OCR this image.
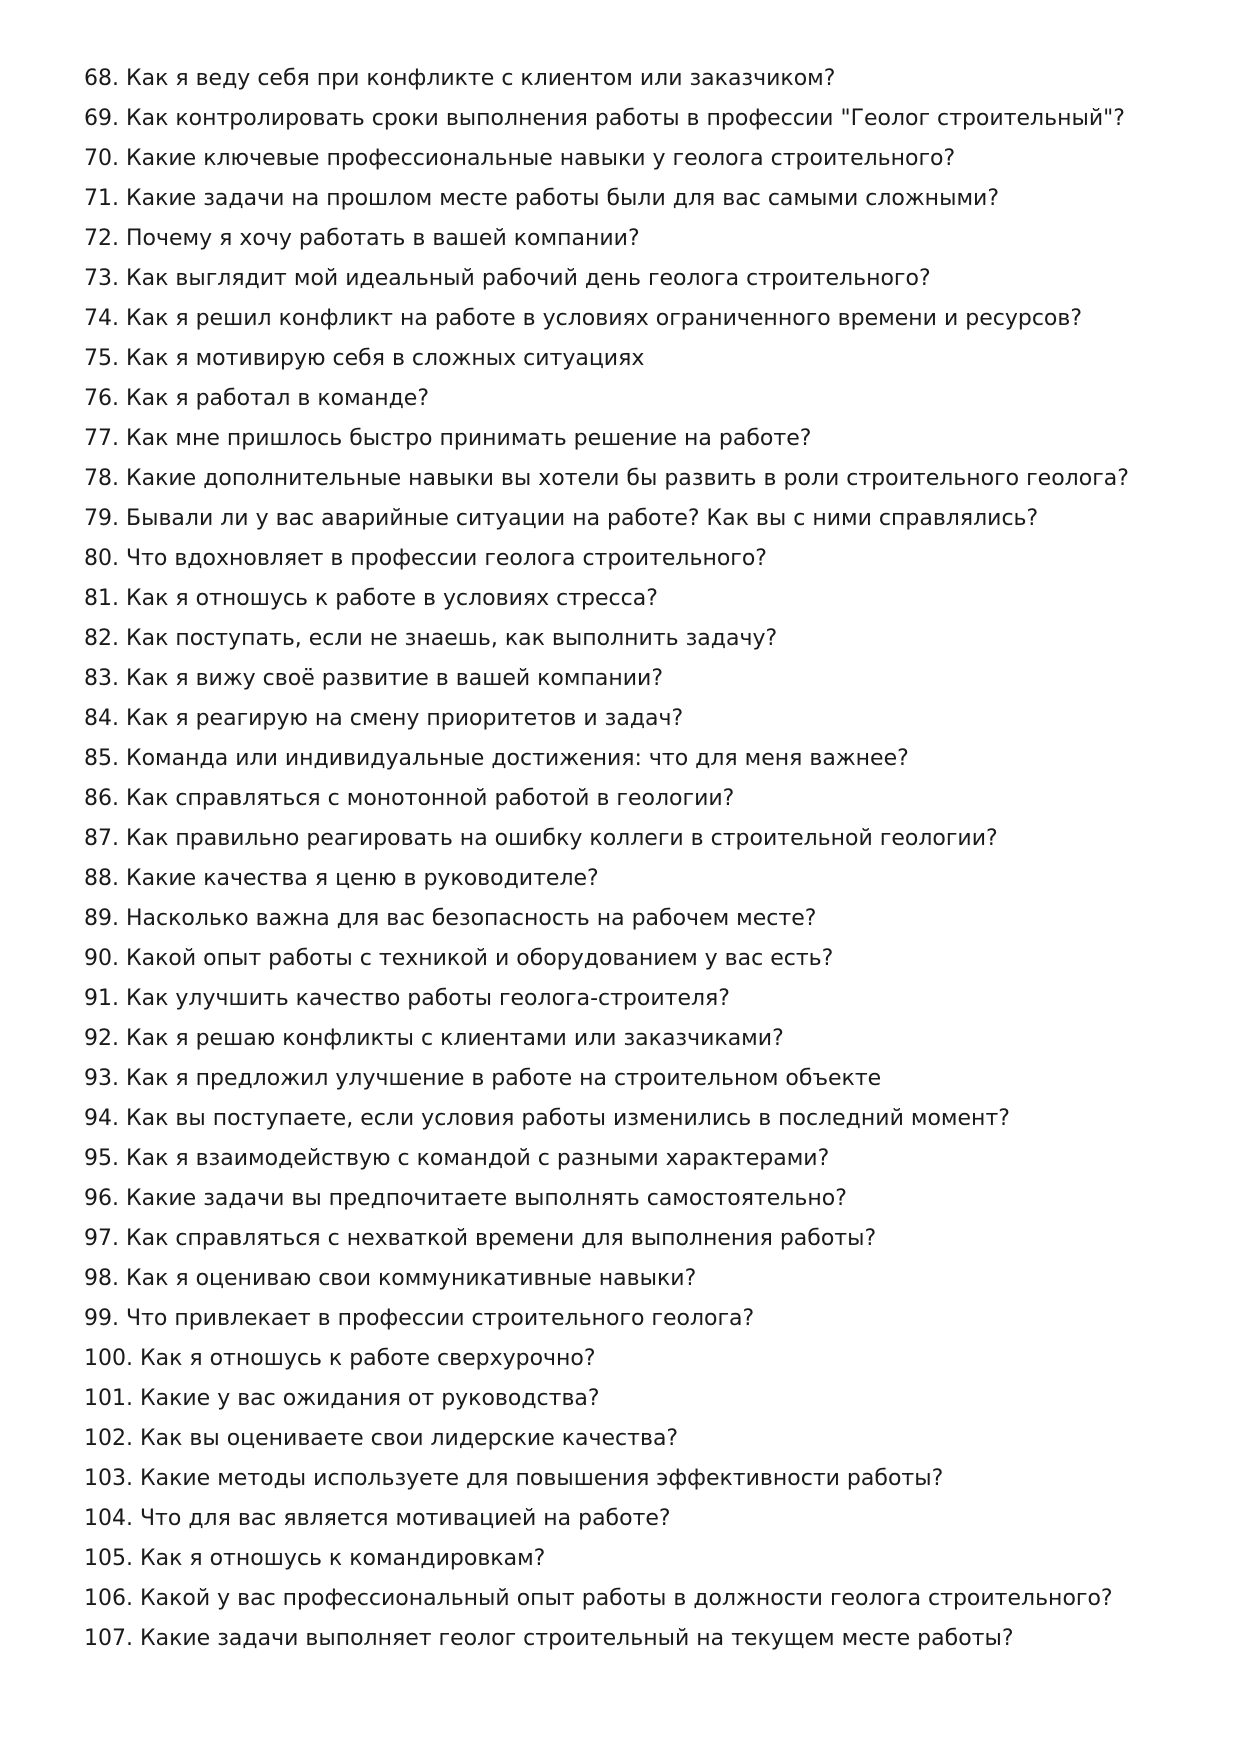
68. Как я веду себя при конфликте с клиентом или заказчиком?
69. Как контролировать сроки выполнения работы в профессии "Геолог строительный"?
70. Какие ключевые профессиональные навыки у геолога строительного?
71. Какие задачи на прошлом месте работы были для вас самыми сложными?
72. Почему я хочу работать в вашей компании?
73. Как выглядит мой идеальный рабочий день геолога строительного?
74. Как я решил конфликт на работе в условиях ограниченного времени и ресурсов?
75. Как я мотивирую себя в сложных ситуациях
76. Как я работал в команде?
77. Как мне пришлось быстро принимать решение на работе?
78. Какие дополнительные навыки вы хотели бы развить в роли строительного геолога?
79. Бывали ли у вас аварийные ситуации на работе? Как вы с ними справлялись?
80. Что вдохновляет в профессии геолога строительного?
81. Как я отношусь к работе в условиях стресса?
82. Как поступать, если не знаешь, как выполнить задачу?
83. Как я вижу своё развитие в вашей компании?
84. Как я реагирую на смену приоритетов и задач?
85. Команда или индивидуальные достижения: что для меня важнее?
86. Как справляться с монотонной работой в геологии?
87. Как правильно реагировать на ошибку коллеги в строительной геологии?
88. Какие качества я ценю в руководителе?
89. Насколько важна для вас безопасность на рабочем месте?
90. Какой опыт работы с техникой и оборудованием у вас есть?
91. Как улучшить качество работы геолога-строителя?
92. Как я решаю конфликты с клиентами или заказчиками?
93. Как я предложил улучшение в работе на строительном объекте
94. Как вы поступаете, если условия работы изменились в последний момент?
95. Как я взаимодействую с командой с разными характерами?
96. Какие задачи вы предпочитаете выполнять самостоятельно?
97. Как справляться с нехваткой времени для выполнения работы?
98. Как я оцениваю свои коммуникативные навыки?
99. Что привлекает в профессии строительного геолога?
100. Как я отношусь к работе сверхурочно?
101. Какие у вас ожидания от руководства?
102. Как вы оцениваете свои лидерские качества?
103. Какие методы используете для повышения эффективности работы?
104. Что для вас является мотивацией на работе?
105. Как я отношусь к командировкам?
106. Какой у вас профессиональный опыт работы в должности геолога строительного?
107. Какие задачи выполняет геолог строительный на текущем месте работы?
